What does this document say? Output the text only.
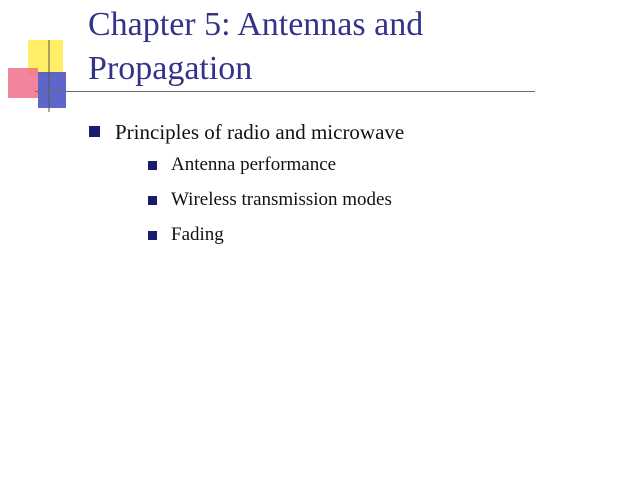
Chapter 5: Antennas and
Propagation
Principles of radio and microwave
Antenna performance
Wireless transmission modes
Fading
